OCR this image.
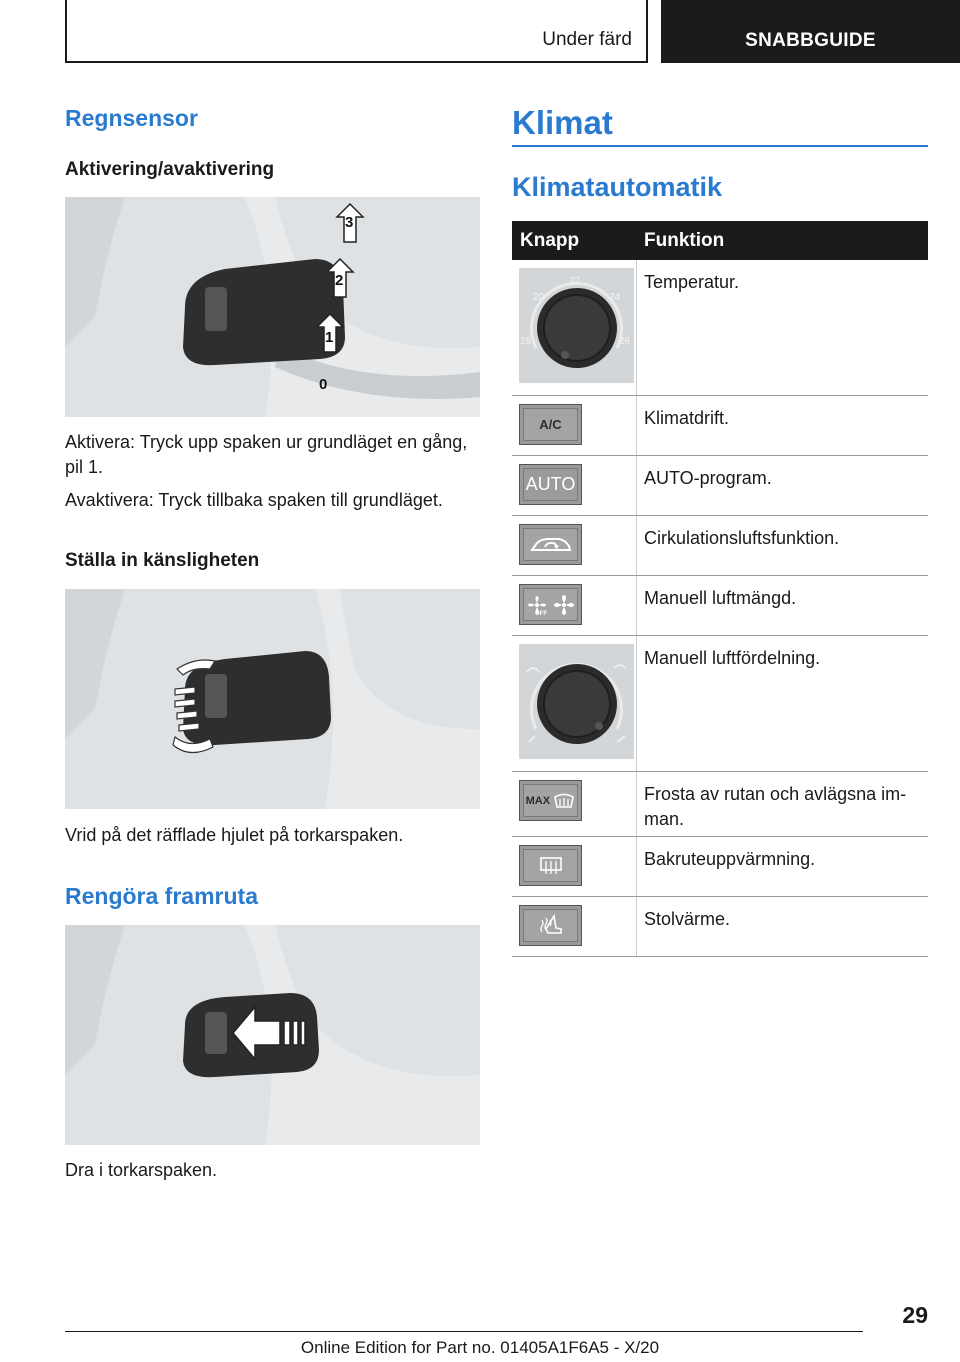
Under färd	SNABBGUIDE
Regnsensor
Aktivering/avaktivering
3
2
1
0
Aktivera: Tryck upp spaken ur grundläget en gång, pil 1.
Avaktivera: Tryck tillbaka spaken till grundläget.
Ställa in känsligheten
Vrid på det räfflade hjulet på torkarspaken.
Rengöra framruta
Dra i torkarspaken.
Klimat
Klimatautomatik
Knapp	Funktion
20
22
24
18	26
Temperatur.
A/C	Klimatdrift.
AUTO	AUTO-program.
Cirkulationsluftsfunktion.
OFF
Manuell luftmängd.
Manuell luftfördelning.
MAX	Frosta av rutan och avlägsna im-man.
Bakruteuppvärmning.
Stolvärme.
29
Online Edition for Part no. 01405A1F6A5 - X/20
